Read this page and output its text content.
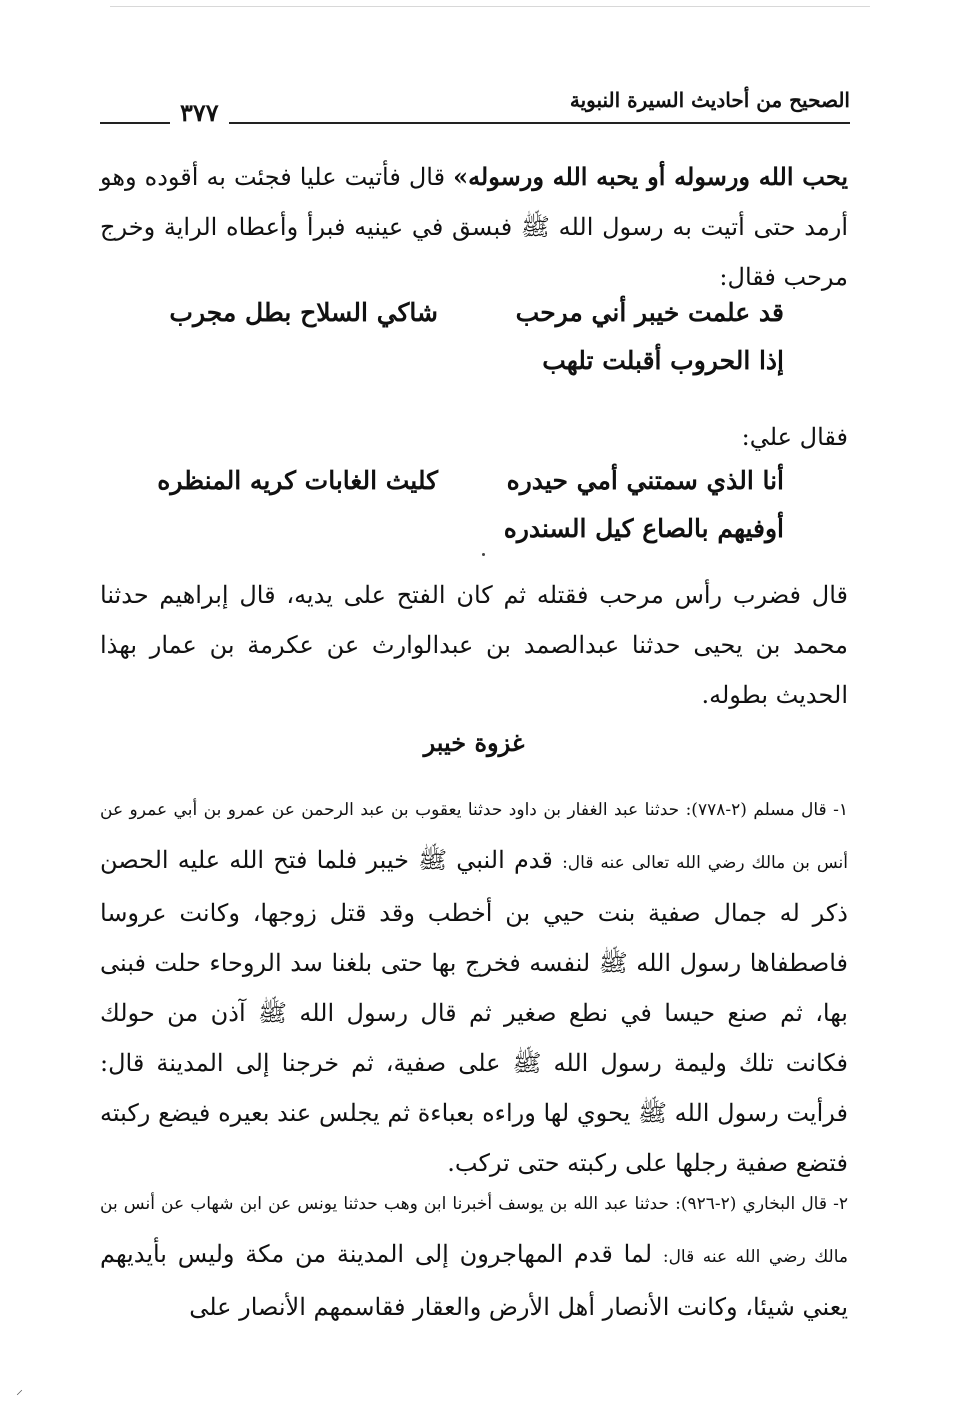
الصحيح من أحاديث السيرة النبوية
٣٧٧
يحب الله ورسوله أو يحبه الله ورسوله» قال فأتيت عليا فجئت به أقوده وهو أرمد حتى أتيت به رسول الله ﷺ فبسق في عينيه فبرأ وأعطاه الراية وخرج مرحب فقال:
قد علمت خيبر أني مرحب
شاكي السلاح بطل مجرب
إذا الحروب أقبلت تلهب
فقال علي:
أنا الذي سمتني أمي حيدره
كليث الغابات كريه المنظره
أوفيهم بالصاع كيل السندره
قال فضرب رأس مرحب فقتله ثم كان الفتح على يديه، قال إبراهيم حدثنا محمد بن يحيى حدثنا عبدالصمد بن عبدالوارث عن عكرمة بن عمار بهذا الحديث بطوله.
غزوة خيبر
١- قال مسلم (٢-٧٧٨): حدثنا عبد الغفار بن داود حدثنا يعقوب بن عبد الرحمن عن عمرو بن أبي عمرو عن أنس بن مالك رضي الله تعالى عنه قال: قدم النبي ﷺ خيبر فلما فتح الله عليه الحصن ذكر له جمال صفية بنت حيي بن أخطب وقد قتل زوجها، وكانت عروسا فاصطفاها رسول الله ﷺ لنفسه فخرج بها حتى بلغنا سد الروحاء حلت فبنى بها، ثم صنع حيسا في نطع صغير ثم قال رسول الله ﷺ آذن من حولك فكانت تلك وليمة رسول الله ﷺ على صفية، ثم خرجنا إلى المدينة قال: فرأيت رسول الله ﷺ يحوي لها وراءه بعباءة ثم يجلس عند بعيره فيضع ركبته فتضع صفية رجلها على ركبته حتى تركب.
٢- قال البخاري (٢-٩٢٦): حدثنا عبد الله بن يوسف أخبرنا ابن وهب حدثنا يونس عن ابن شهاب عن أنس بن مالك رضي الله عنه قال: لما قدم المهاجرون إلى المدينة من مكة وليس بأيديهم يعني شيئا، وكانت الأنصار أهل الأرض والعقار فقاسمهم الأنصار على
⸝
